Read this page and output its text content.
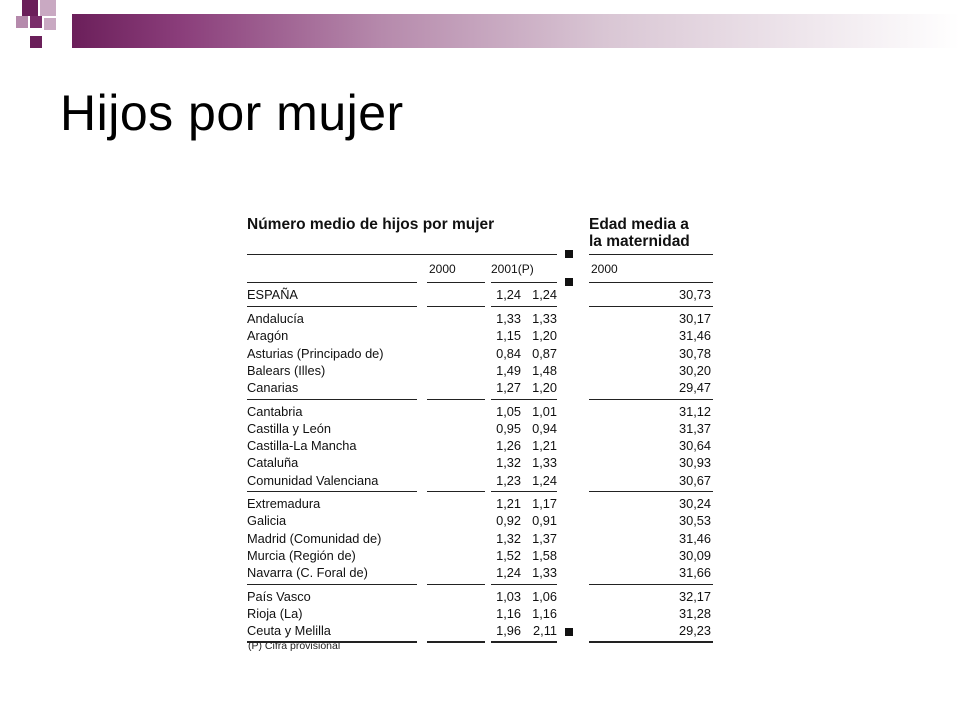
Hijos por mujer
Número medio de hijos por mujer	Edad media a
la maternidad
2000	2001(P)	2000
ESPAÑA	1,24 1,24	30,73
Andalucía	1,33 1,33	30,17
Aragón	1,15 1,20	31,46
Asturias (Principado de)	0,84 0,87	30,78
Balears (Illes)	1,49 1,48	30,20
Canarias	1,27 1,20	29,47
Cantabria	1,05 1,01	31,12
Castilla y León	0,95 0,94	31,37
Castilla-La Mancha	1,26 1,21	30,64
Cataluña	1,32 1,33	30,93
Comunidad Valenciana	1,23 1,24	30,67
Extremadura	1,21 1,17	30,24
Galicia	0,92 0,91	30,53
Madrid (Comunidad de)	1,32 1,37	31,46
Murcia (Región de)	1,52 1,58	30,09
Navarra (C. Foral de)	1,24 1,33	31,66
País Vasco	1,03 1,06	32,17
Rioja (La)	1,16 1,16	31,28
Ceuta y Melilla	1,96 2,11	29,23
(P) Cifra provisional
